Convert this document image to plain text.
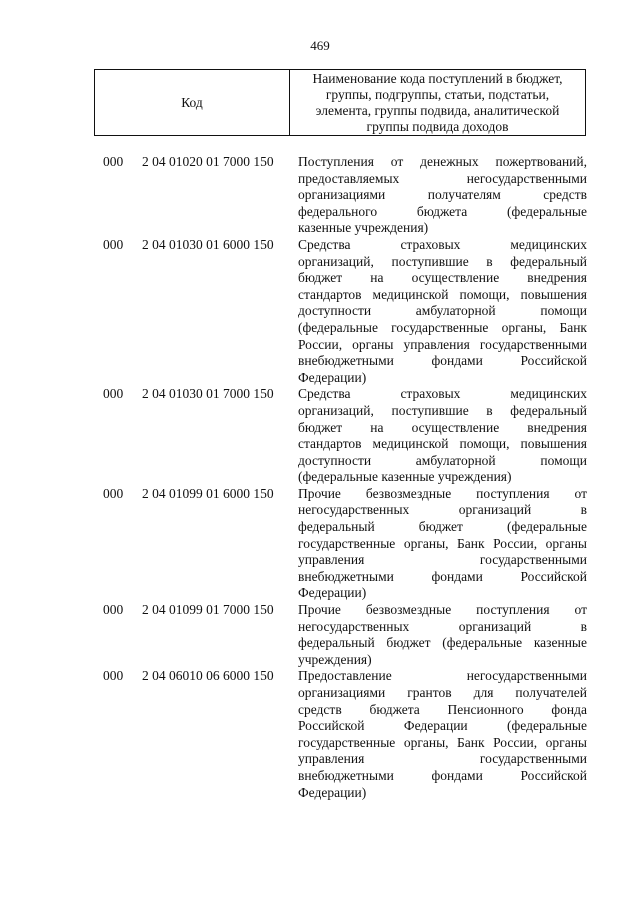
469
Код
Наименование кода поступлений в бюджет,
группы, подгруппы, статьи, подстатьи,
элемента, группы подвида, аналитической
группы подвида доходов
000 2 04 01020 01 7000 150 Поступления от денежных пожертвований,
предоставляемых негосударственными
организациями получателям средств
федерального бюджета (федеральные
казенные учреждения)
000 2 04 01030 01 6000 150 Средства страховых медицинских
организаций, поступившие в федеральный
бюджет на осуществление внедрения
стандартов медицинской помощи, повышения
доступности амбулаторной помощи
(федеральные государственные органы, Банк
России, органы управления государственными
внебюджетными фондами Российской
Федерации)
000 2 04 01030 01 7000 150 Средства страховых медицинских
организаций, поступившие в федеральный
бюджет на осуществление внедрения
стандартов медицинской помощи, повышения
доступности амбулаторной помощи
(федеральные казенные учреждения)
000 2 04 01099 01 6000 150 Прочие безвозмездные поступления от
негосударственных организаций в
федеральный бюджет (федеральные
государственные органы, Банк России, органы
управления государственными
внебюджетными фондами Российской
Федерации)
000 2 04 01099 01 7000 150 Прочие безвозмездные поступления от
негосударственных организаций в
федеральный бюджет (федеральные казенные
учреждения)
000 2 04 06010 06 6000 150 Предоставление негосударственными
организациями грантов для получателей
средств бюджета Пенсионного фонда
Российской Федерации (федеральные
государственные органы, Банк России, органы
управления государственными
внебюджетными фондами Российской
Федерации)
